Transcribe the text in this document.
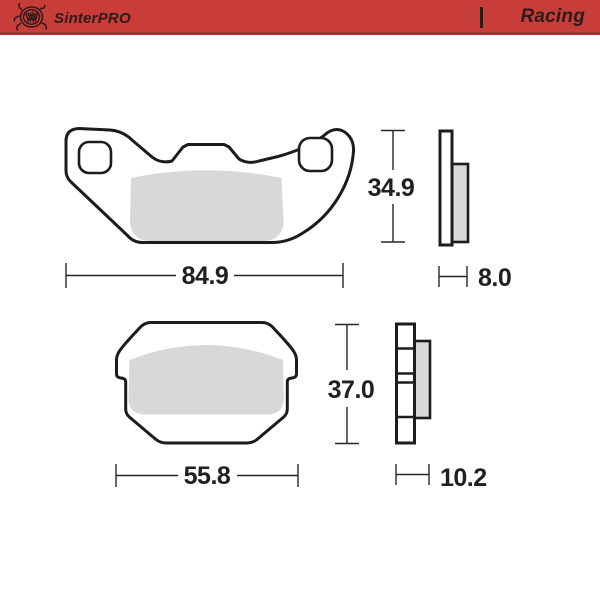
SinterPRO	Racing
84.9
34.9
8.0
55.8
37.0
10.2
